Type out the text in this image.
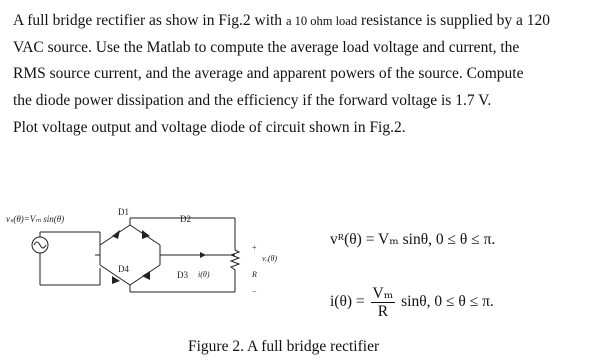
A full bridge rectifier as show in Fig.2 with a 10 ohm load resistance is supplied by a 120
VAC source. Use the Matlab to compute the average load voltage and current, the
RMS source current, and the average and apparent powers of the source. Compute
the diode power dissipation and the efficiency if the forward voltage is 1.7 V.
Plot voltage output and voltage diode of circuit shown in Fig.2.
vₛ(θ)=Vₘ sin(θ)
D1
D2
D3
D4
i(θ)
+
vₒ(θ)
R
−
vᴿ(θ) = Vₘ sinθ, 0 ≤ θ ≤ π.
$i(\theta) = \frac{\text{Vₘ}}{R} \sin\theta$, 0 ≤ θ ≤ π.
Figure 2. A full bridge rectifier
